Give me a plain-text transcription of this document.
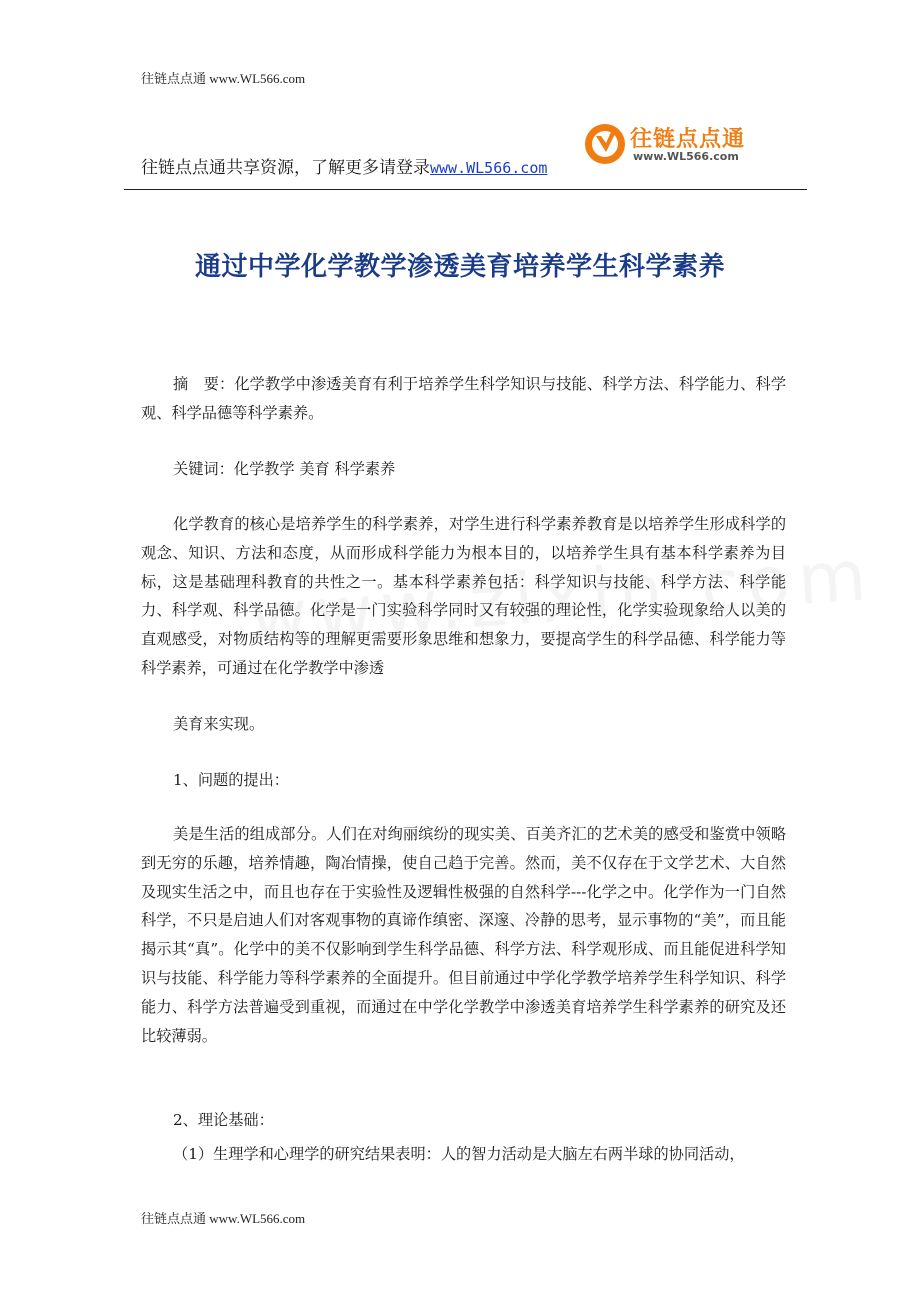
往链点点通 www.WL566.com
往链点点通共享资源，了解更多请登录www.WL566.com
往链点点通
www.WL566.com
通过中学化学教学渗透美育培养学生科学素养
摘　要：化学教学中渗透美育有利于培养学生科学知识与技能、科学方法、科学能力、科学观、科学品德等科学素养。
关键词：化学教学 美育 科学素养
化学教育的核心是培养学生的科学素养，对学生进行科学素养教育是以培养学生形成科学的观念、知识、方法和态度，从而形成科学能力为根本目的，以培养学生具有基本科学素养为目标，这是基础理科教育的共性之一。基本科学素养包括：科学知识与技能、科学方法、科学能力、科学观、科学品德。化学是一门实验科学同时又有较强的理论性，化学实验现象给人以美的直观感受，对物质结构等的理解更需要形象思维和想象力，要提高学生的科学品德、科学能力等科学素养，可通过在化学教学中渗透
美育来实现。
1、问题的提出：
美是生活的组成部分。人们在对绚丽缤纷的现实美、百美齐汇的艺术美的感受和鉴赏中领略到无穷的乐趣，培养情趣，陶冶情操，使自己趋于完善。然而，美不仅存在于文学艺术、大自然及现实生活之中，而且也存在于实验性及逻辑性极强的自然科学---化学之中。化学作为一门自然科学，不只是启迪人们对客观事物的真谛作缜密、深邃、冷静的思考，显示事物的“美”，而且能揭示其“真”。化学中的美不仅影响到学生科学品德、科学方法、科学观形成、而且能促进科学知识与技能、科学能力等科学素养的全面提升。但目前通过中学化学教学培养学生科学知识、科学能力、科学方法普遍受到重视，而通过在中学化学教学中渗透美育培养学生科学素养的研究及还比较薄弱。
2、理论基础：
（1）生理学和心理学的研究结果表明：人的智力活动是大脑左右两半球的协同活动，
往链点点通 www.WL566.com
